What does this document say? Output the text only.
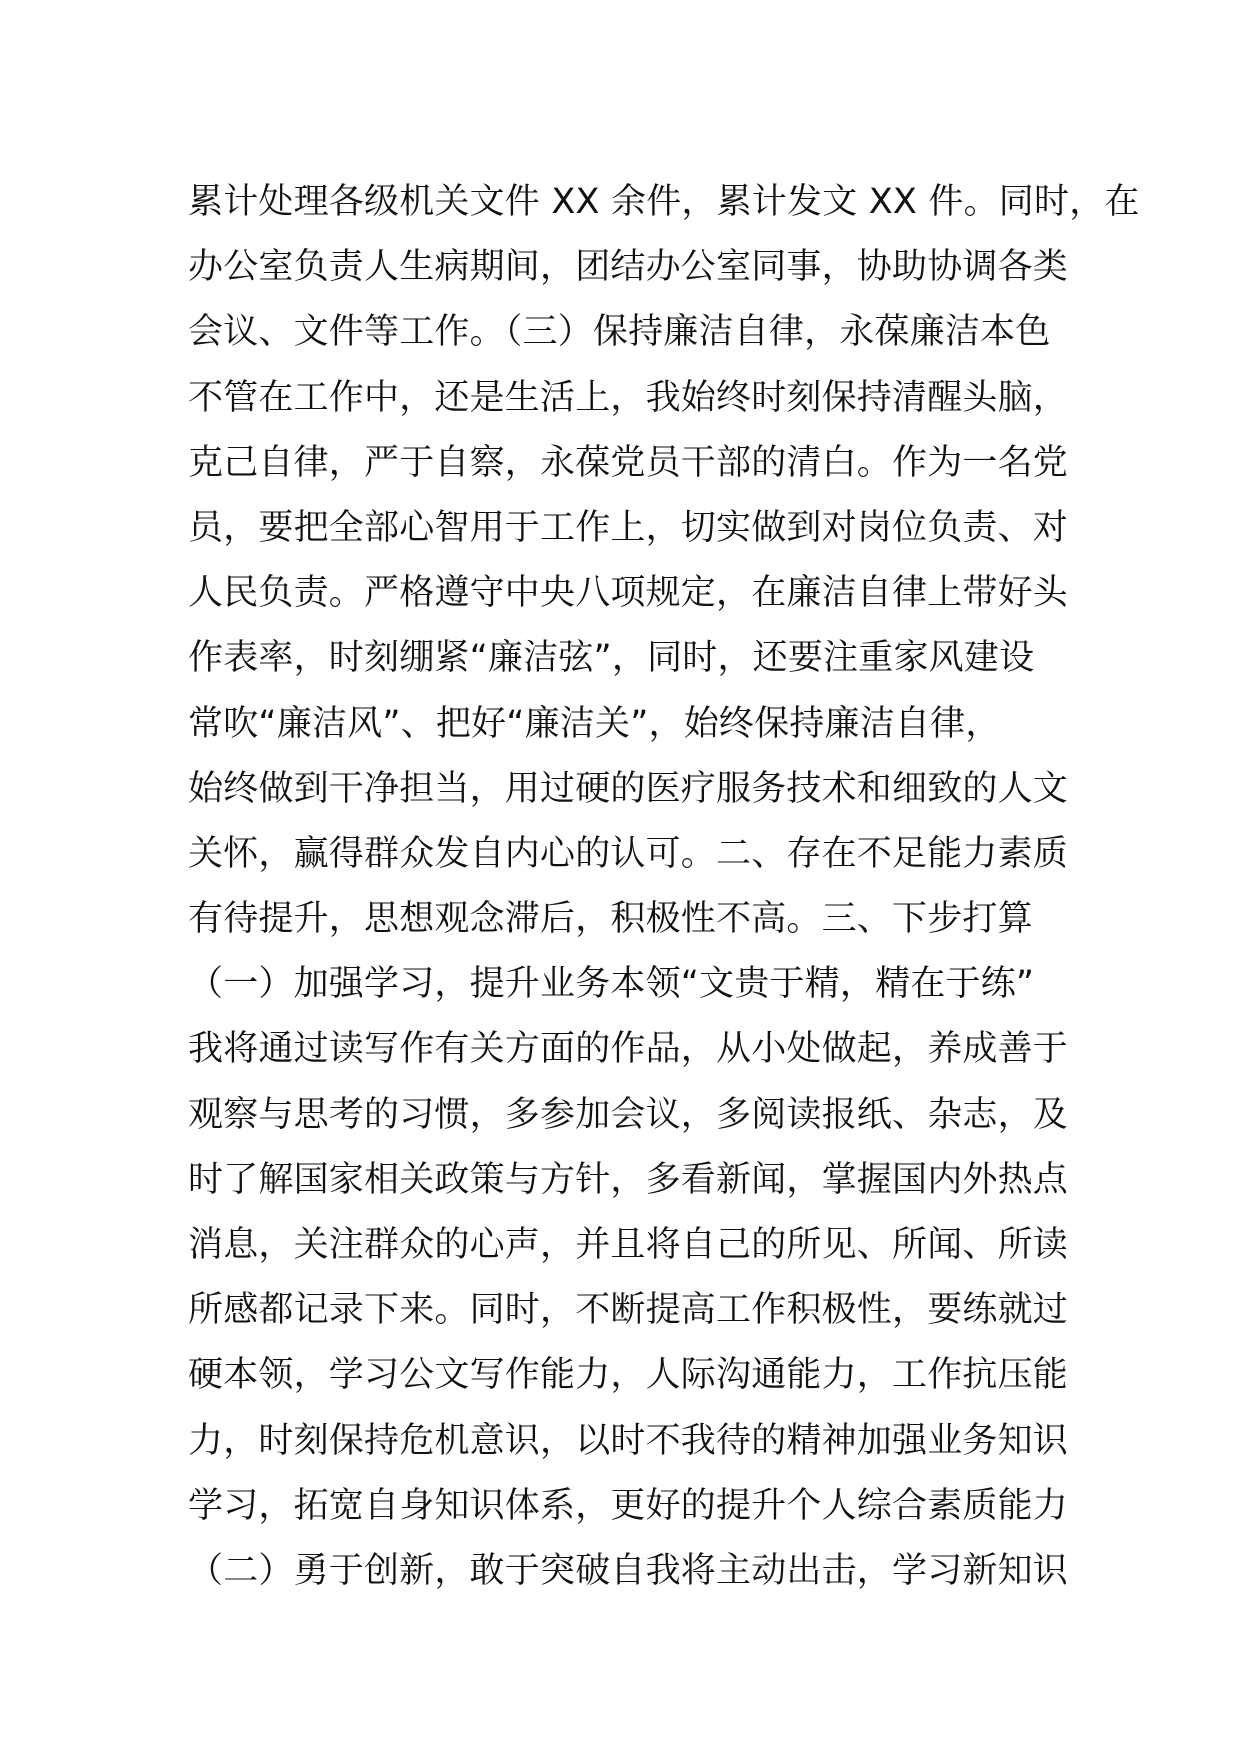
累计处理各级机关文件 XX 余件，累计发文 XX 件。同时，在
办公室负责人生病期间，团结办公室同事，协助协调各类
会议、文件等工作。（三）保持廉洁自律，永葆廉洁本色
不管在工作中，还是生活上，我始终时刻保持清醒头脑，
克己自律，严于自察，永葆党员干部的清白。作为一名党
员，要把全部心智用于工作上，切实做到对岗位负责、对
人民负责。严格遵守中央八项规定，在廉洁自律上带好头
作表率，时刻绷紧“廉洁弦”，同时，还要注重家风建设
常吹“廉洁风”、把好“廉洁关”，始终保持廉洁自律，
始终做到干净担当，用过硬的医疗服务技术和细致的人文
关怀，赢得群众发自内心的认可。二、存在不足能力素质
有待提升，思想观念滞后，积极性不高。三、下步打算
（一）加强学习，提升业务本领“文贵于精，精在于练”
我将通过读写作有关方面的作品，从小处做起，养成善于
观察与思考的习惯，多参加会议，多阅读报纸、杂志，及
时了解国家相关政策与方针，多看新闻，掌握国内外热点
消息，关注群众的心声，并且将自己的所见、所闻、所读
所感都记录下来。同时，不断提高工作积极性，要练就过
硬本领，学习公文写作能力，人际沟通能力，工作抗压能
力，时刻保持危机意识，以时不我待的精神加强业务知识
学习，拓宽自身知识体系，更好的提升个人综合素质能力
（二）勇于创新，敢于突破自我将主动出击，学习新知识
